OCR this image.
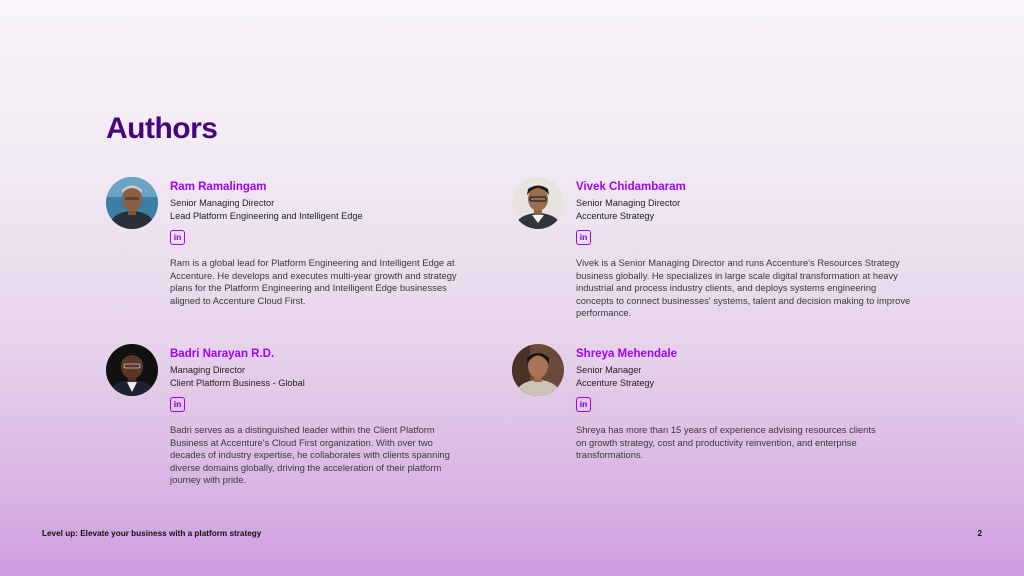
Authors
Ram Ramalingam
Senior Managing Director
Lead Platform Engineering and Intelligent Edge
in

Ram is a global lead for Platform Engineering and Intelligent Edge at Accenture. He develops and executes multi-year growth and strategy plans for the Platform Engineering and Intelligent Edge businesses aligned to Accenture Cloud First.

Vivek Chidambaram
Senior Managing Director
Accenture Strategy
in

Vivek is a Senior Managing Director and runs Accenture's Resources Strategy business globally. He specializes in large scale digital transformation at heavy industrial and process industry clients, and deploys systems engineering concepts to connect businesses' systems, talent and decision making to improve performance.

Badri Narayan R.D.
Managing Director
Client Platform Business - Global
in

Badri serves as a distinguished leader within the Client Platform Business at Accenture's Cloud First organization. With over two decades of industry expertise, he collaborates with clients spanning diverse domains globally, driving the acceleration of their platform journey with pride.

Shreya Mehendale
Senior Manager
Accenture Strategy
in

Shreya has more than 15 years of experience advising resources clients on growth strategy, cost and productivity reinvention, and enterprise transformations.

Level up: Elevate your business with a platform strategy	2
